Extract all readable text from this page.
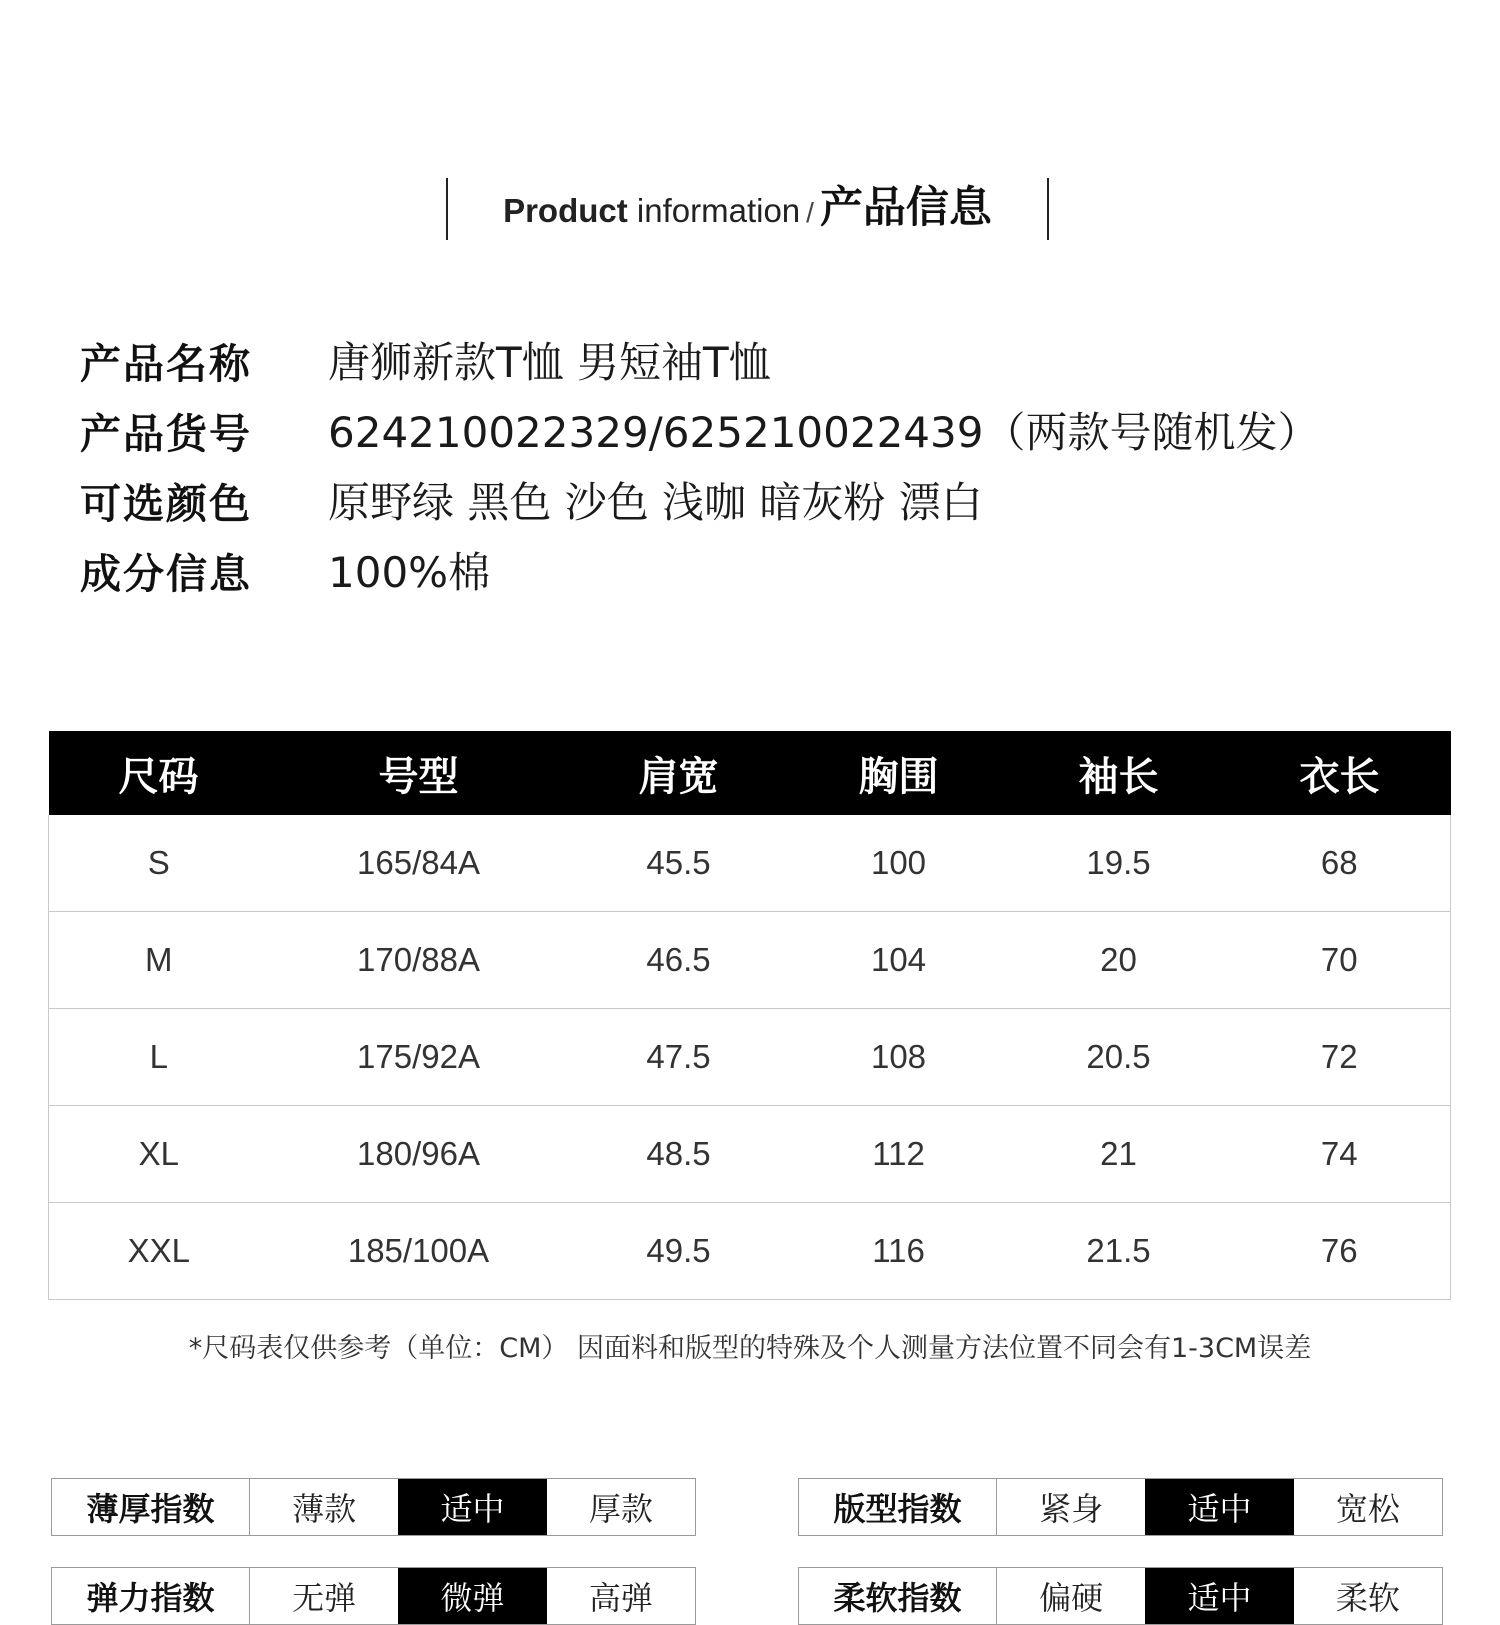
Product information / 产品信息
产品名称	唐狮新款T恤 男短袖T恤
产品货号	624210022329/625210022439（两款号随机发）
可选颜色	原野绿 黑色 沙色 浅咖 暗灰粉 漂白
成分信息	100%棉
尺码	号型	肩宽	胸围	袖长	衣长
S	165/84A	45.5	100	19.5	68
M	170/88A	46.5	104	20	70
L	175/92A	47.5	108	20.5	72
XL	180/96A	48.5	112	21	74
XXL	185/100A	49.5	116	21.5	76
*尺码表仅供参考（单位：CM） 因面料和版型的特殊及个人测量方法位置不同会有1-3CM误差
薄厚指数	薄款	适中	厚款	版型指数	紧身	适中	宽松
弹力指数	无弹	微弹	高弹	柔软指数	偏硬	适中	柔软
